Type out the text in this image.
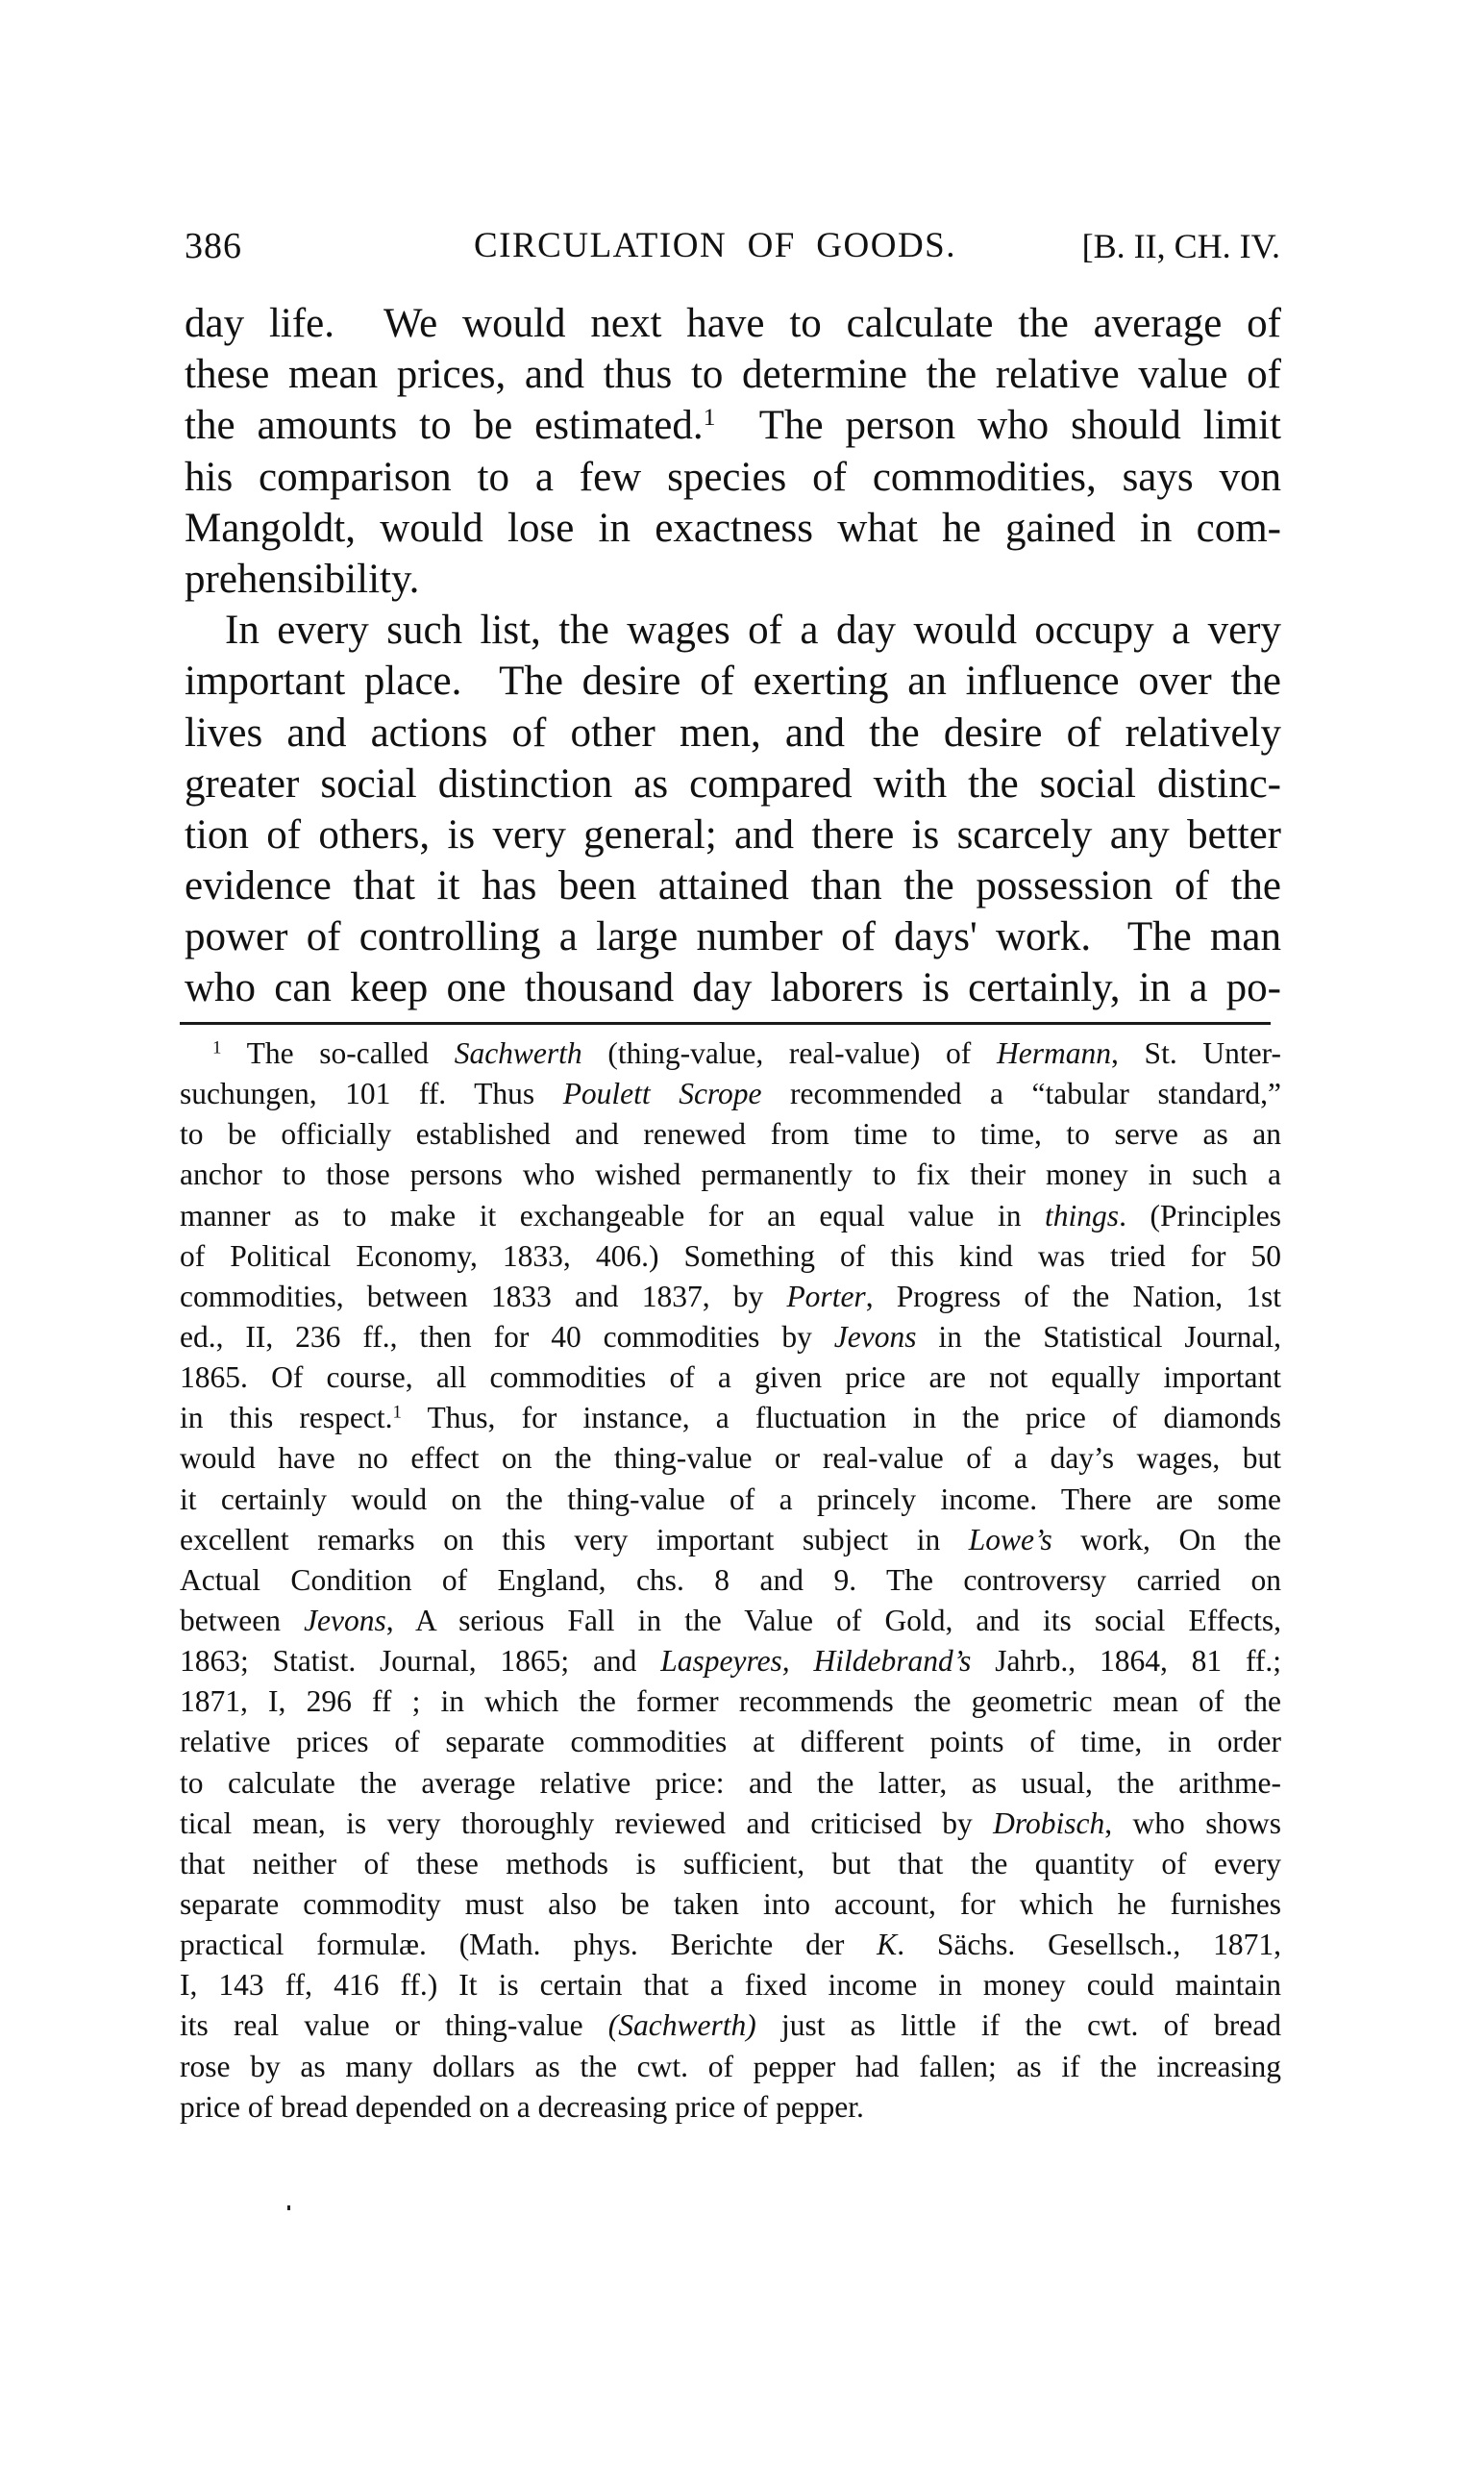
386	CIRCULATION OF GOODS.	[B. II, CH. IV.
day life.  We would next have to calculate the average of
these mean prices, and thus to determine the relative value of
the amounts to be estimated.$^1$  The person who should limit
his comparison to a few species of commodities, says von
Mangoldt, would lose in exactness what he gained in com-
prehensibility.
In every such list, the wages of a day would occupy a very
important place.  The desire of exerting an influence over the
lives and actions of other men, and the desire of relatively
greater social distinction as compared with the social distinc-
tion of others, is very general; and there is scarcely any better
evidence that it has been attained than the possession of the
power of controlling a large number of days' work.  The man
who can keep one thousand day laborers is certainly, in a po-
$^1$ The so-called Sachwerth (thing-value, real-value) of Hermann, St. Unter-
suchungen, 101 ff. Thus Poulett Scrope recommended a “tabular standard,”
to be officially established and renewed from time to time, to serve as an
anchor to those persons who wished permanently to fix their money in such a
manner as to make it exchangeable for an equal value in things. (Principles
of Political Economy, 1833, 406.) Something of this kind was tried for 50
commodities, between 1833 and 1837, by Porter, Progress of the Nation, 1st
ed., II, 236 ff., then for 40 commodities by Jevons in the Statistical Journal,
1865. Of course, all commodities of a given price are not equally important
in this respect.$^1$ Thus, for instance, a fluctuation in the price of diamonds
would have no effect on the thing-value or real-value of a day’s wages, but
it certainly would on the thing-value of a princely income. There are some
excellent remarks on this very important subject in Lowe’s work, On the
Actual Condition of England, chs. 8 and 9. The controversy carried on
between Jevons, A serious Fall in the Value of Gold, and its social Effects,
1863; Statist. Journal, 1865; and Laspeyres, Hildebrand’s Jahrb., 1864, 81 ff.;
1871, I, 296 ff ; in which the former recommends the geometric mean of the
relative prices of separate commodities at different points of time, in order
to calculate the average relative price: and the latter, as usual, the arithme-
tical mean, is very thoroughly reviewed and criticised by Drobisch, who shows
that neither of these methods is sufficient, but that the quantity of every
separate commodity must also be taken into account, for which he furnishes
practical formulæ. (Math. phys. Berichte der K. Sächs. Gesellsch., 1871,
I, 143 ff, 416 ff.) It is certain that a fixed income in money could maintain
its real value or thing-value (Sachwerth) just as little if the cwt. of bread
rose by as many dollars as the cwt. of pepper had fallen; as if the increasing
price of bread depended on a decreasing price of pepper.
